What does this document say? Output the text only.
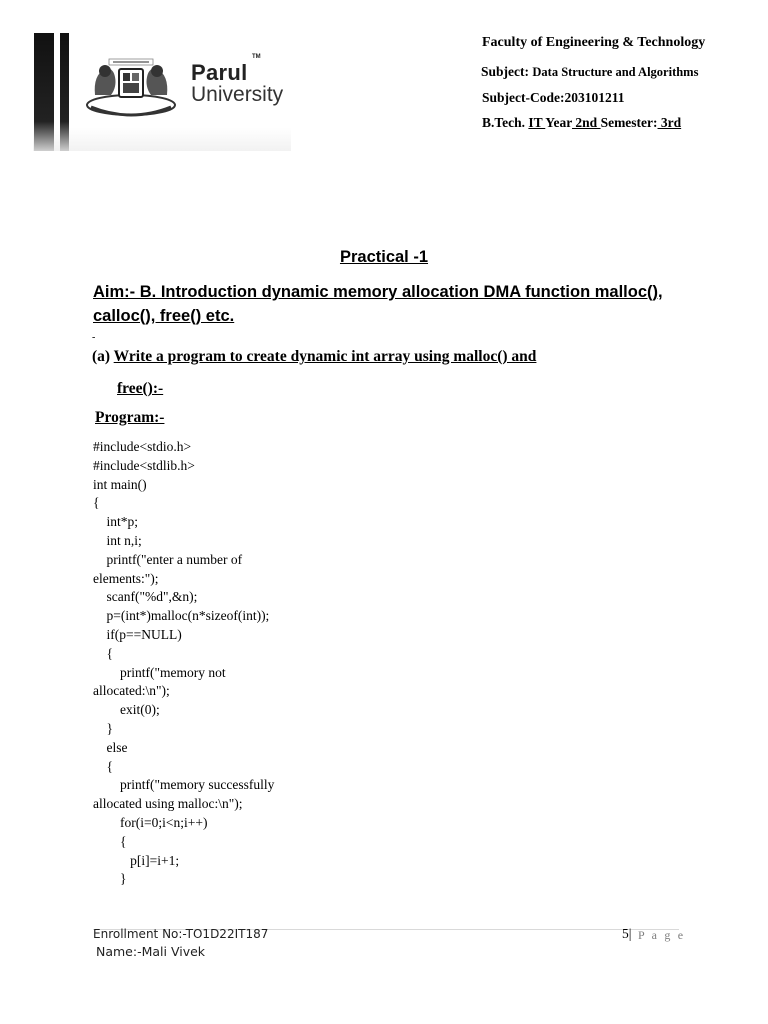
Parul
TM
University
Faculty of Engineering & Technology
Subject: Data Structure and Algorithms
Subject-Code:203101211
B.Tech. IT Year 2nd Semester: 3rd
Practical -1
Aim:- B. Introduction dynamic memory allocation DMA function malloc(), calloc(), free() etc.
-
(a) Write a program to create dynamic int array using malloc() and
free():-
Program:-
#include<stdio.h>
#include<stdlib.h>
int main()
{
int*p;
int n,i;
printf("enter a number of
elements:");
scanf("%d",&n);
p=(int*)malloc(n*sizeof(int));
if(p==NULL)
{
printf("memory not
allocated:\n");
exit(0);
}
else
{
printf("memory successfully
allocated using malloc:\n");
for(i=0;i<n;i++)
{
p[i]=i+1;
}
Enrollment No:-TO1D22IT187
Name:-Mali Vivek
5| P a g e
